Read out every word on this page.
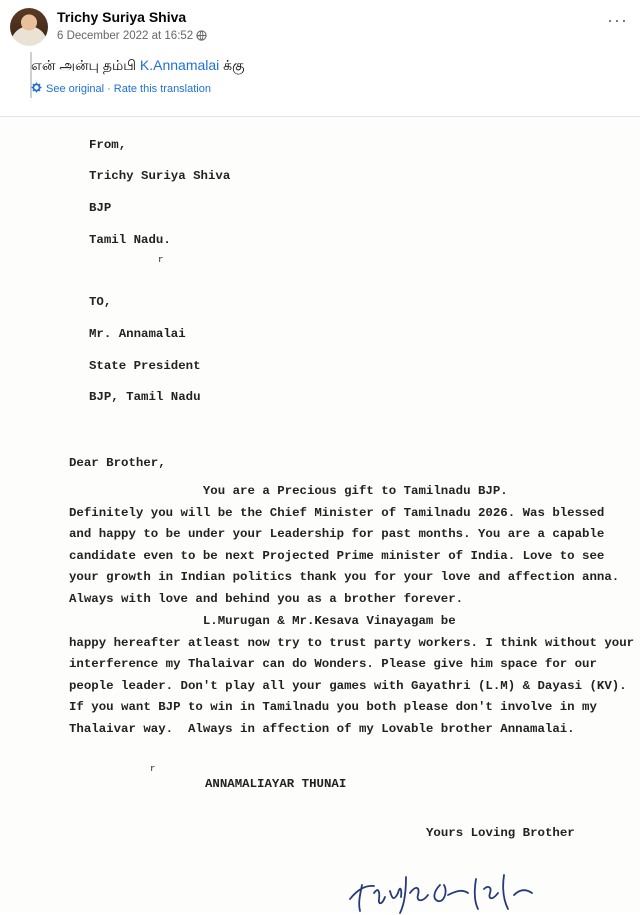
Trichy Suriya Shiva
6 December 2022 at 16:52 ·
···
என் அன்பு தம்பி K.Annamalai க்கு
See original · Rate this translation
From,
Trichy Suriya Shiva
BJP
Tamil Nadu.
r
TO,
Mr. Annamalai
State President
BJP, Tamil Nadu
Dear Brother,
You are a Precious gift to Tamilnadu BJP.
Definitely you will be the Chief Minister of Tamilnadu 2026. Was blessed
and happy to be under your Leadership for past months. You are a capable
candidate even to be next Projected Prime minister of India. Love to see
your growth in Indian politics thank you for your love and affection anna.
Always with love and behind you as a brother forever.
L.Murugan & Mr.Kesava Vinayagam be
happy hereafter atleast now try to trust party workers. I think without your
interference my Thalaivar can do Wonders. Please give him space for our
people leader. Don't play all your games with Gayathri (L.M) & Dayasi (KV).
If you want BJP to win in Tamilnadu you both please don't involve in my
Thalaivar way.  Always in affection of my Lovable brother Annamalai.
r
ANNAMALIAYAR THUNAI
Yours Loving Brother
